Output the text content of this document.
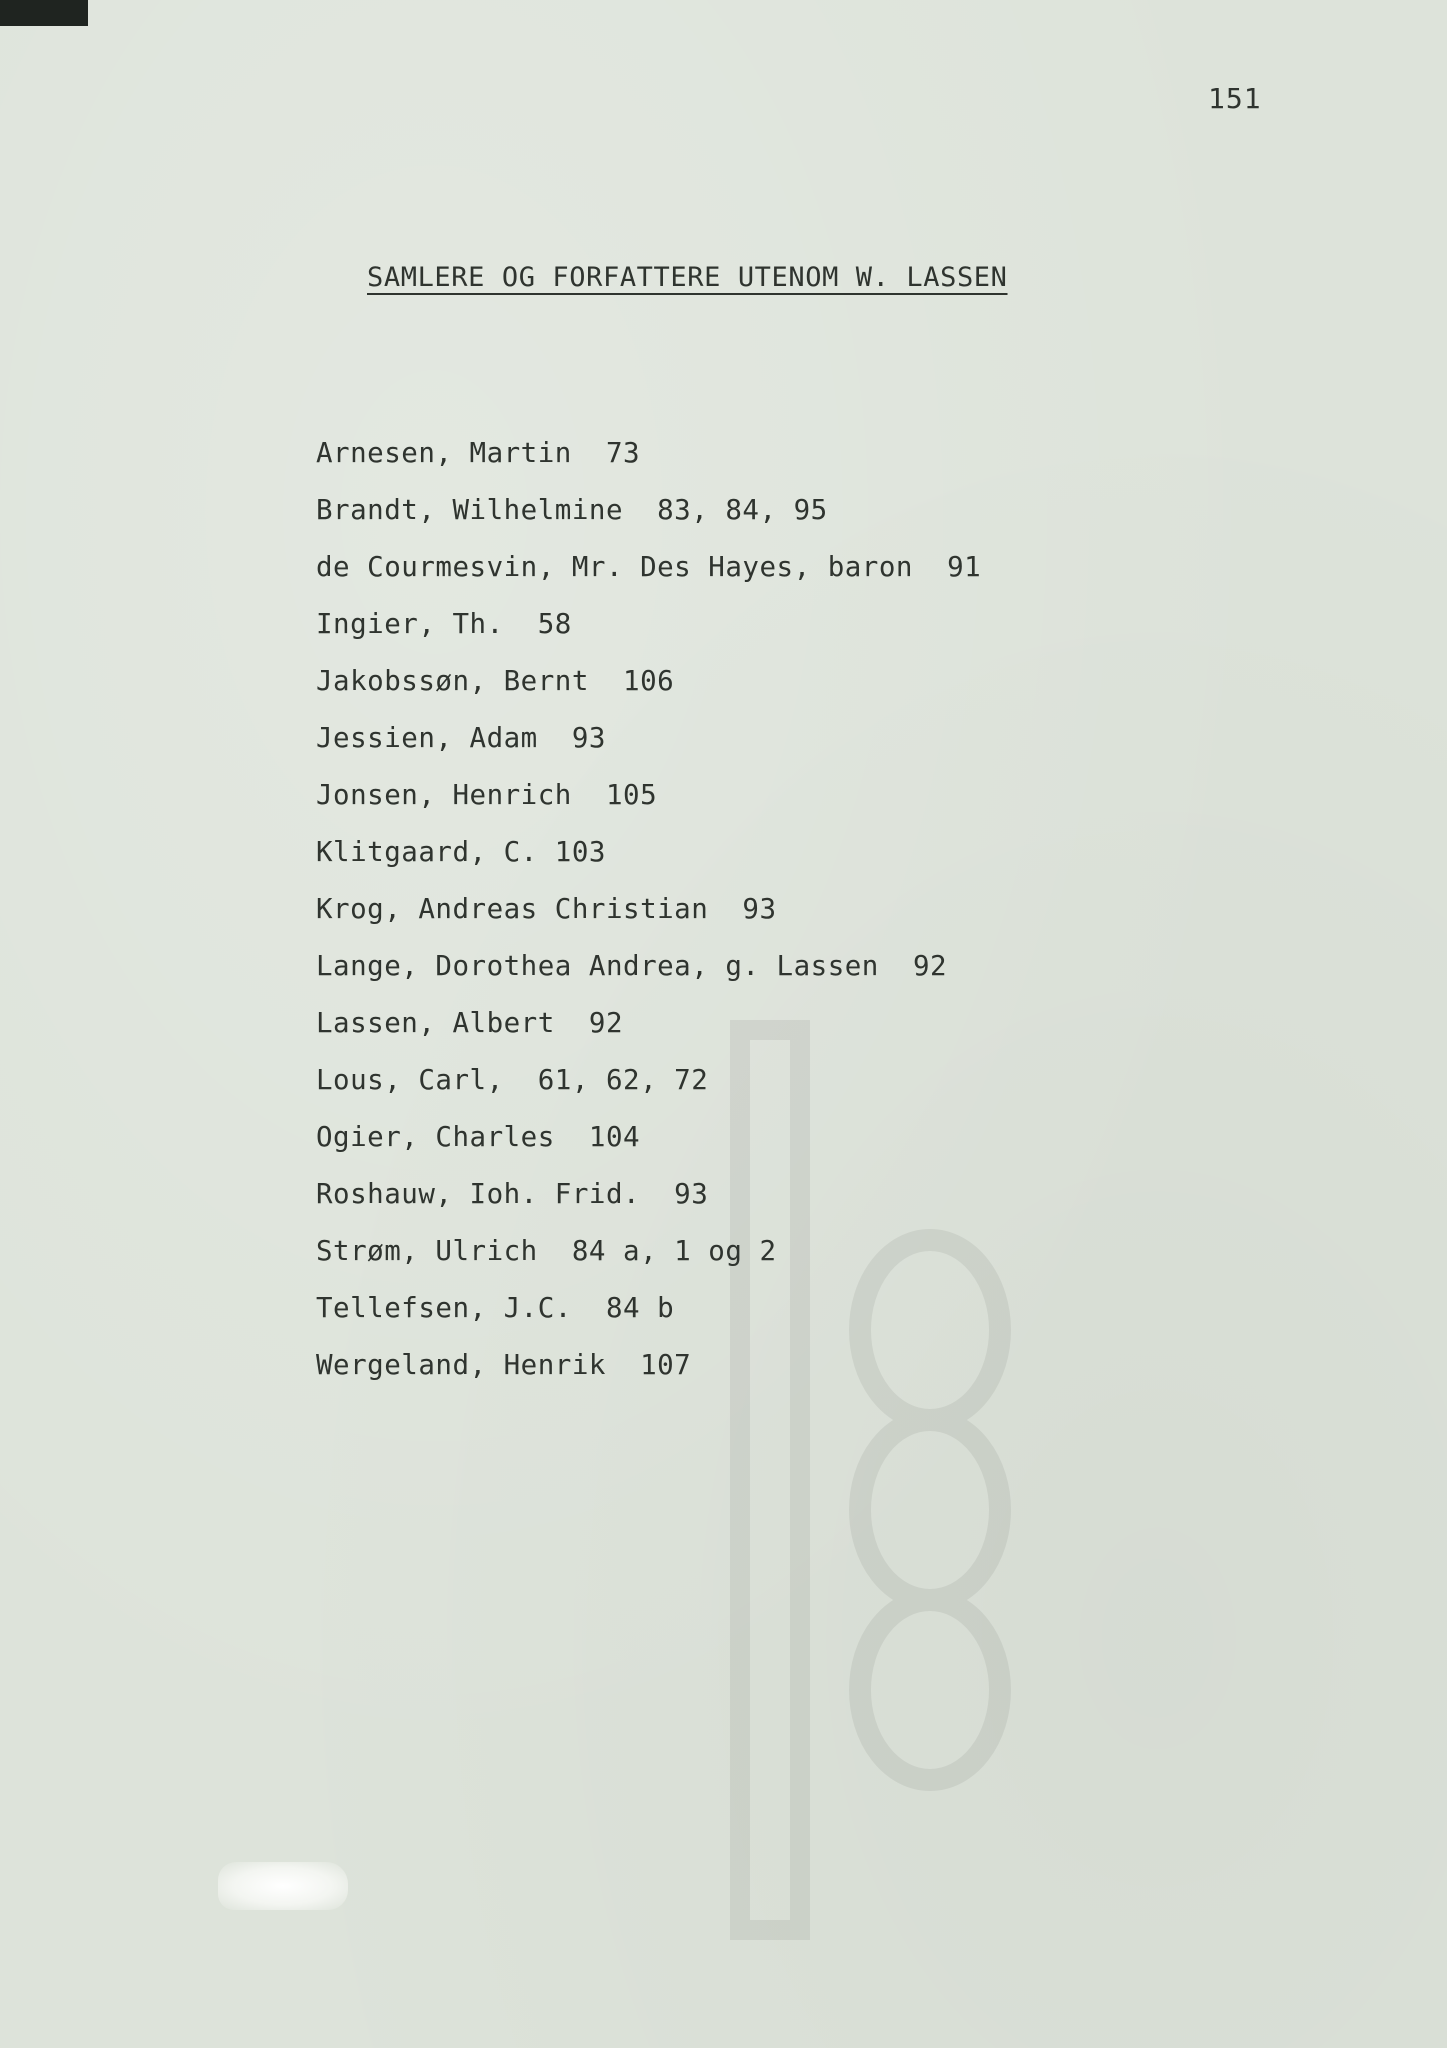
151
SAMLERE OG FORFATTERE UTENOM W. LASSEN
Arnesen, Martin  73
Brandt, Wilhelmine  83, 84, 95
de Courmesvin, Mr. Des Hayes, baron  91
Ingier, Th.  58
Jakobssøn, Bernt  106
Jessien, Adam  93
Jonsen, Henrich  105
Klitgaard, C. 103
Krog, Andreas Christian  93
Lange, Dorothea Andrea, g. Lassen  92
Lassen, Albert  92
Lous, Carl,  61, 62, 72
Ogier, Charles  104
Roshauw, Ioh. Frid.  93
Strøm, Ulrich  84 a, 1 og 2
Tellefsen, J.C.  84 b
Wergeland, Henrik  107
